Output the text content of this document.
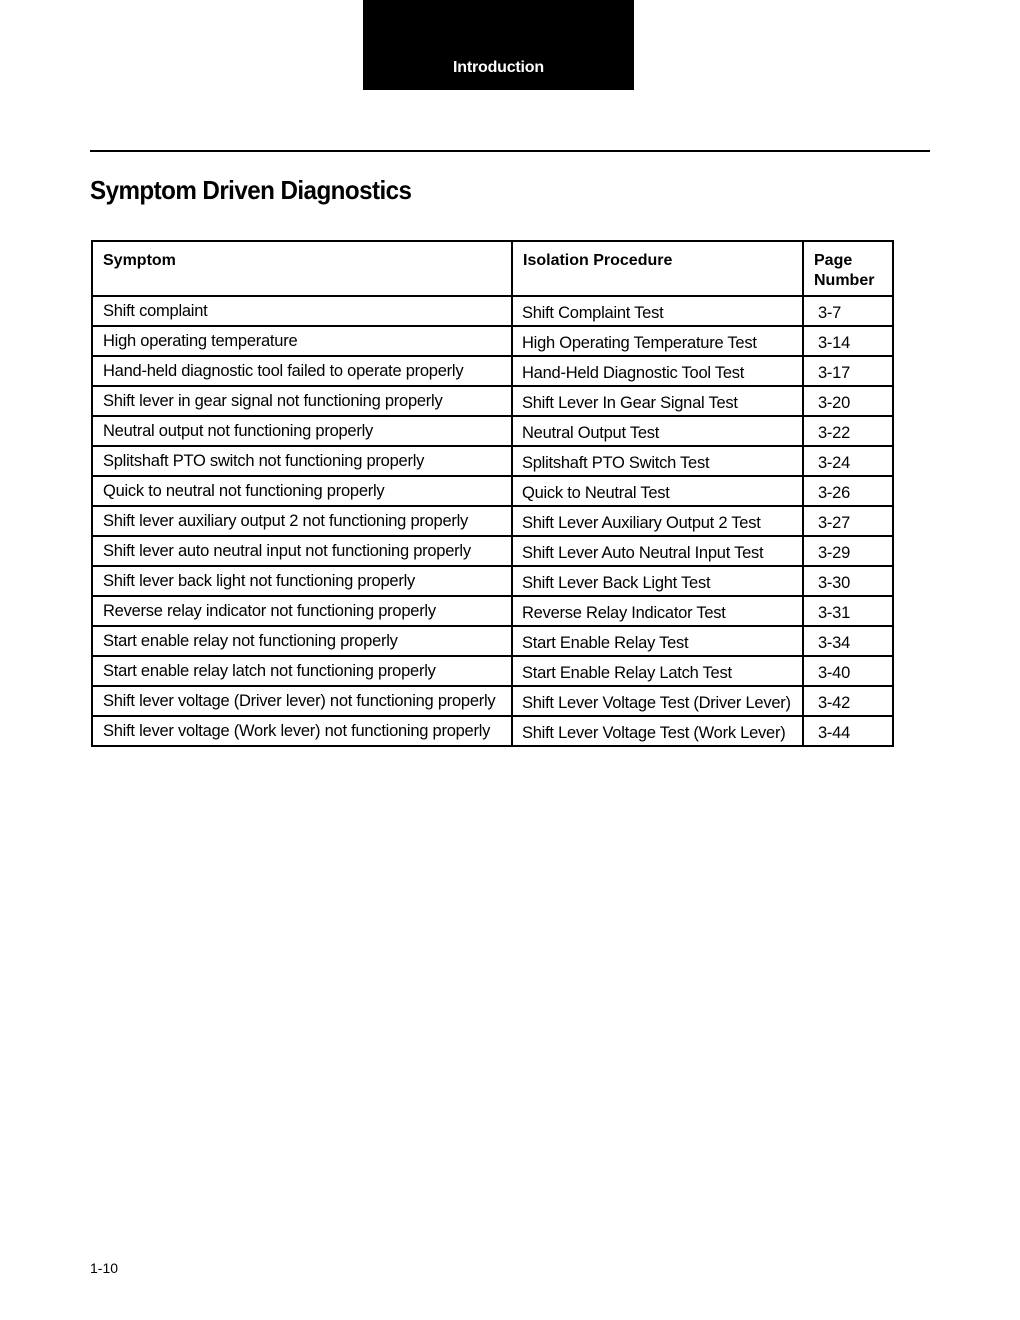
Introduction
Symptom Driven Diagnostics
Symptom	Isolation Procedure	Page
Number
Shift complaint	Shift Complaint Test	3-7
High operating temperature	High Operating Temperature Test	3-14
Hand-held diagnostic tool failed to operate properly	Hand-Held Diagnostic Tool Test	3-17
Shift lever in gear signal not functioning properly	Shift Lever In Gear Signal Test	3-20
Neutral output not functioning properly	Neutral Output Test	3-22
Splitshaft PTO switch not functioning properly	Splitshaft PTO Switch Test	3-24
Quick to neutral not functioning properly	Quick to Neutral Test	3-26
Shift lever auxiliary output 2 not functioning properly	Shift Lever Auxiliary Output 2 Test	3-27
Shift lever auto neutral input not functioning properly	Shift Lever Auto Neutral Input Test	3-29
Shift lever back light not functioning properly	Shift Lever Back Light Test	3-30
Reverse relay indicator not functioning properly	Reverse Relay Indicator Test	3-31
Start enable relay not functioning properly	Start Enable Relay Test	3-34
Start enable relay latch not functioning properly	Start Enable Relay Latch Test	3-40
Shift lever voltage (Driver lever) not functioning properly	Shift Lever Voltage Test (Driver Lever)	3-42
Shift lever voltage (Work lever) not functioning properly	Shift Lever Voltage Test (Work Lever)	3-44
1-10
